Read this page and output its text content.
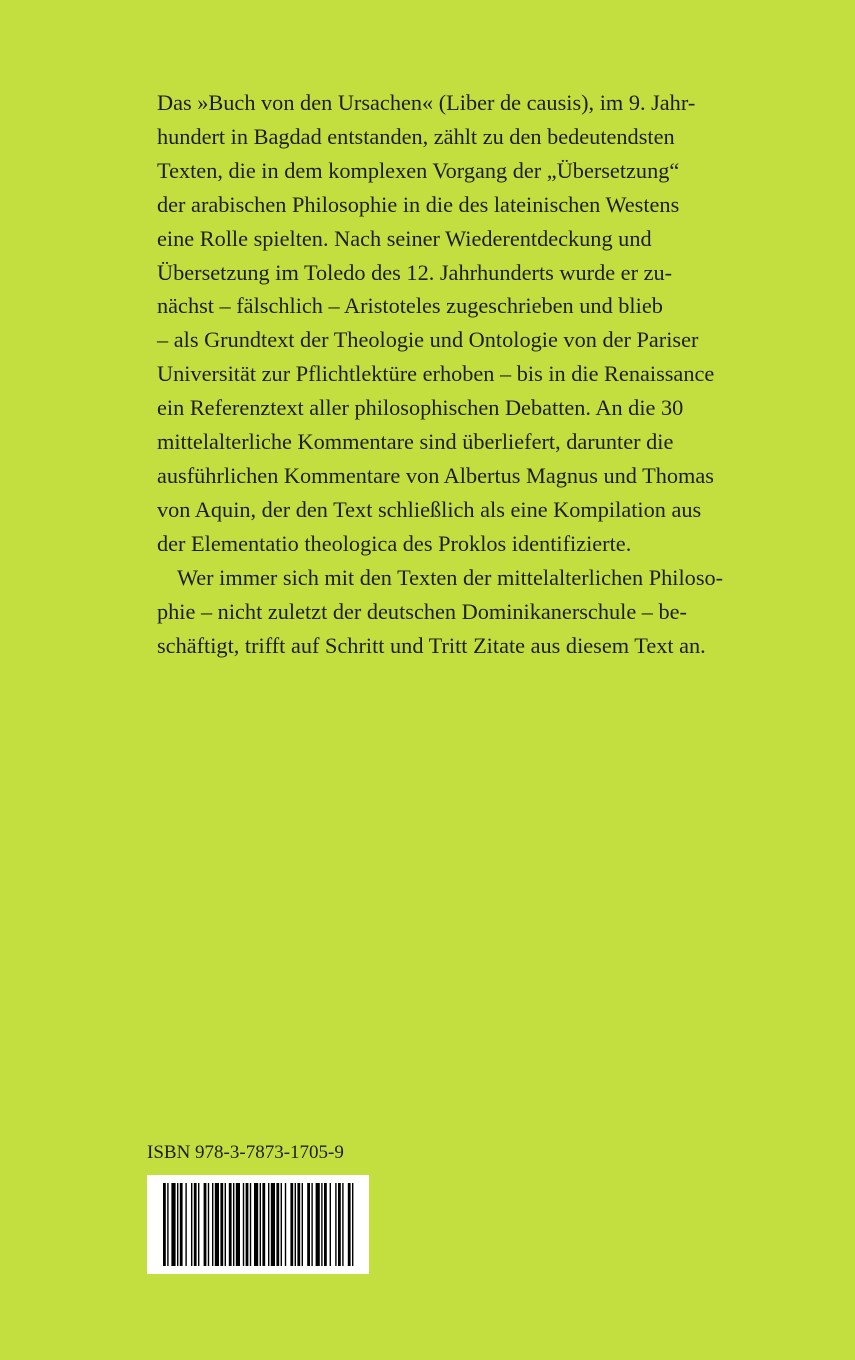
Das »Buch von den Ursachen« (Liber de causis), im 9. Jahr-
hundert in Bagdad entstanden, zählt zu den bedeutendsten
Texten, die in dem komplexen Vorgang der „Übersetzung“
der arabischen Philosophie in die des lateinischen Westens
eine Rolle spielten. Nach seiner Wiederentdeckung und
Übersetzung im Toledo des 12. Jahrhunderts wurde er zu-
nächst – fälschlich – Aristoteles zugeschrieben und blieb
– als Grundtext der Theologie und Ontologie von der Pariser
Universität zur Pflichtlektüre erhoben – bis in die Renaissance
ein Referenztext aller philosophischen Debatten. An die 30
mittelalterliche Kommentare sind überliefert, darunter die
ausführlichen Kommentare von Albertus Magnus und Thomas
von Aquin, der den Text schließlich als eine Kompilation aus
der Elementatio theologica des Proklos identifizierte.
Wer immer sich mit den Texten der mittelalterlichen Philoso-
phie – nicht zuletzt der deutschen Dominikanerschule – be-
schäftigt, trifft auf Schritt und Tritt Zitate aus diesem Text an.
ISBN 978-3-7873-1705-9
